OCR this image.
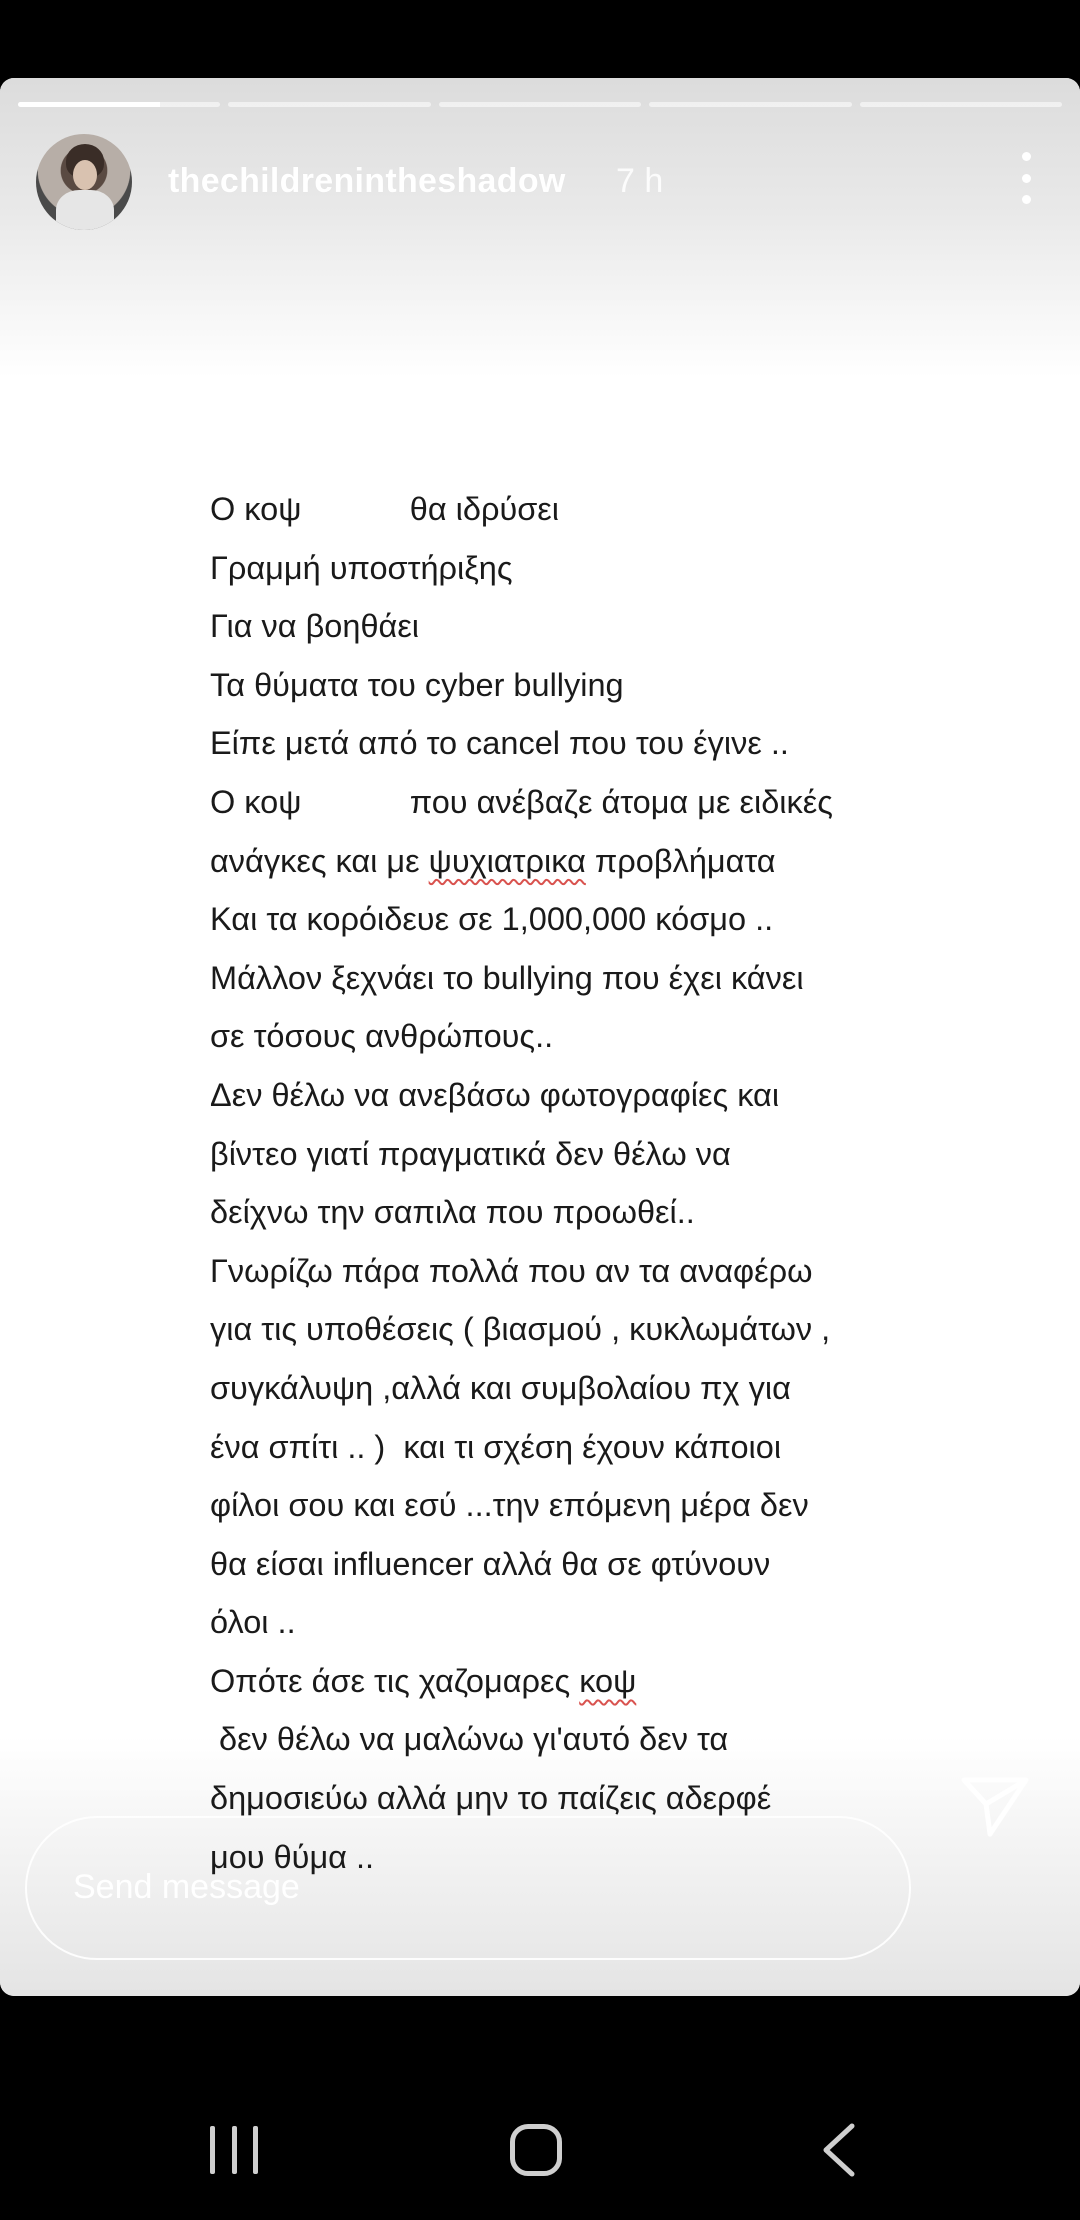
thechildrenintheshadow 7 h
Ο κοψ            θα ιδρύσει
Γραμμή υποστήριξης
Για να βοηθάει
Τα θύματα του cyber bullying
Είπε μετά από το cancel που του έγινε ..
Ο κοψ            που ανέβαζε άτομα με ειδικές
ανάγκες και με ψυχιατρικα προβλήματα
Και τα κορόιδευε σε 1,000,000 κόσμο ..
Μάλλον ξεχνάει το bullying που έχει κάνει
σε τόσους ανθρώπους..
Δεν θέλω να ανεβάσω φωτογραφίες και
βίντεο γιατί πραγματικά δεν θέλω να
δείχνω την σαπιλα που προωθεί..
Γνωρίζω πάρα πολλά που αν τα αναφέρω
για τις υποθέσεις ( βιασμού , κυκλωμάτων ,
συγκάλυψη ,αλλά και συμβολαίου πχ για
ένα σπίτι .. )  και τι σχέση έχουν κάποιοι
φίλοι σου και εσύ ...την επόμενη μέρα δεν
θα είσαι influencer αλλά θα σε φτύνουν
όλοι ..
Οπότε άσε τις χαζομαρες κοψ
δεν θέλω να μαλώνω γι'αυτό δεν τα
δημοσιεύω αλλά μην το παίζεις αδερφέ
μου θύμα ..
Send message
